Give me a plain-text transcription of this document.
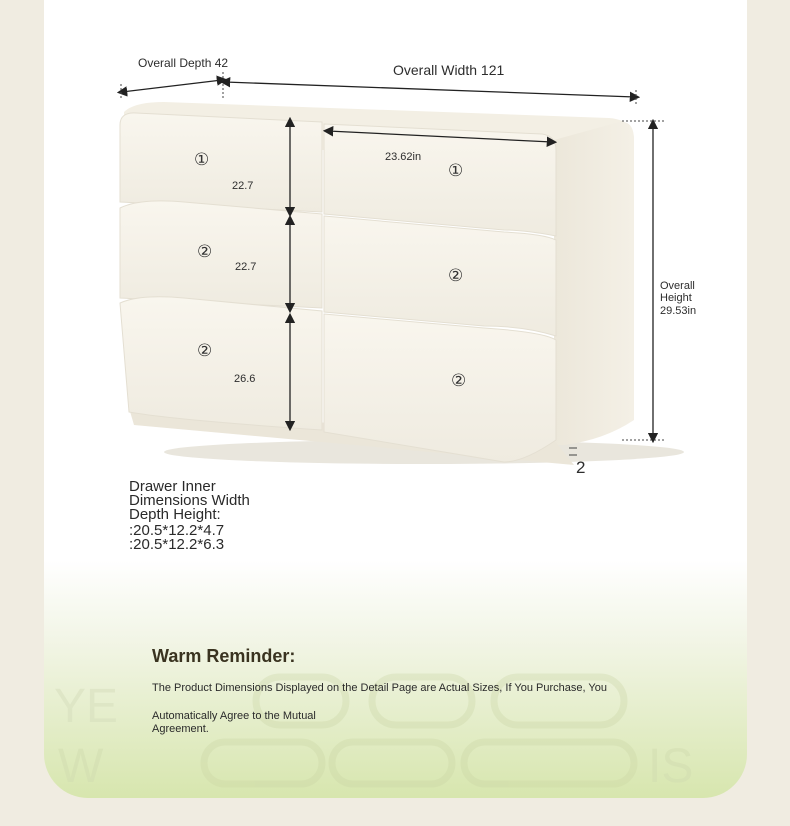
YE
W	IS
Overall Depth 42	Overall Width 121
23.62in
Overall
Height
29.53in
22.7
22.7
26.6
2
①
②
②
①
②
②
Drawer Inner
Dimensions Width
Depth Height:
:20.5*12.2*4.7
:20.5*12.2*6.3
Warm Reminder:
The Product Dimensions Displayed on the Detail Page are Actual Sizes, If You Purchase, You
Automatically Agree to the Mutual
Agreement.
